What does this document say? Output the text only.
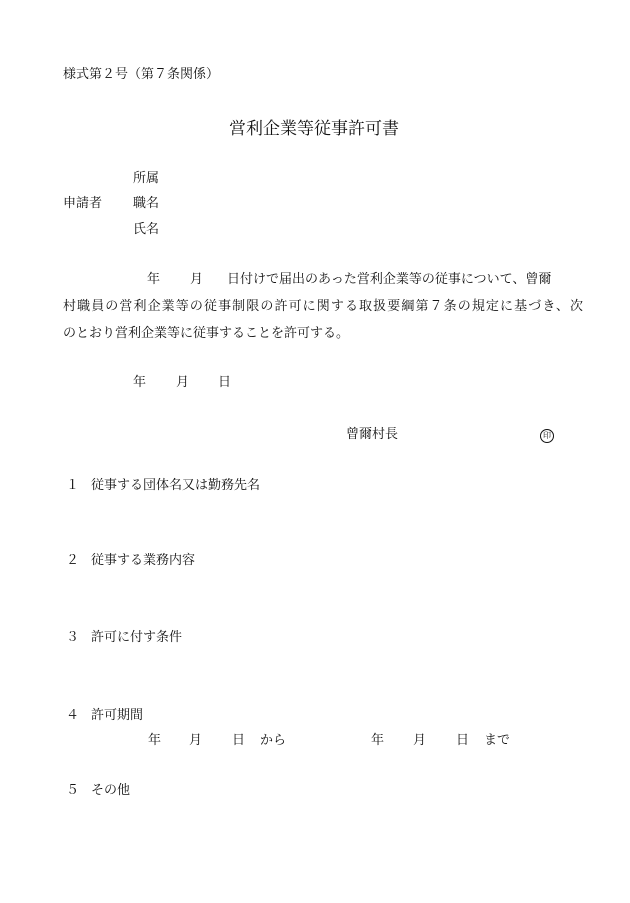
様式第２号（第７条関係）
営利企業等従事許可書
所属
申請者 職名
氏名
年 月 日付けで届出のあった営利企業等の従事について、曾爾
村職員の営利企業等の従事制限の許可に関する取扱要綱第７条の規定に基づき、次
のとおり営利企業等に従事することを許可する。
年 月 日
曾爾村長	印
１ 従事する団体名又は勤務先名
２ 従事する業務内容
３ 許可に付す条件
４ 許可期間
年 月 日 から	年 月 日 まで
５ その他
